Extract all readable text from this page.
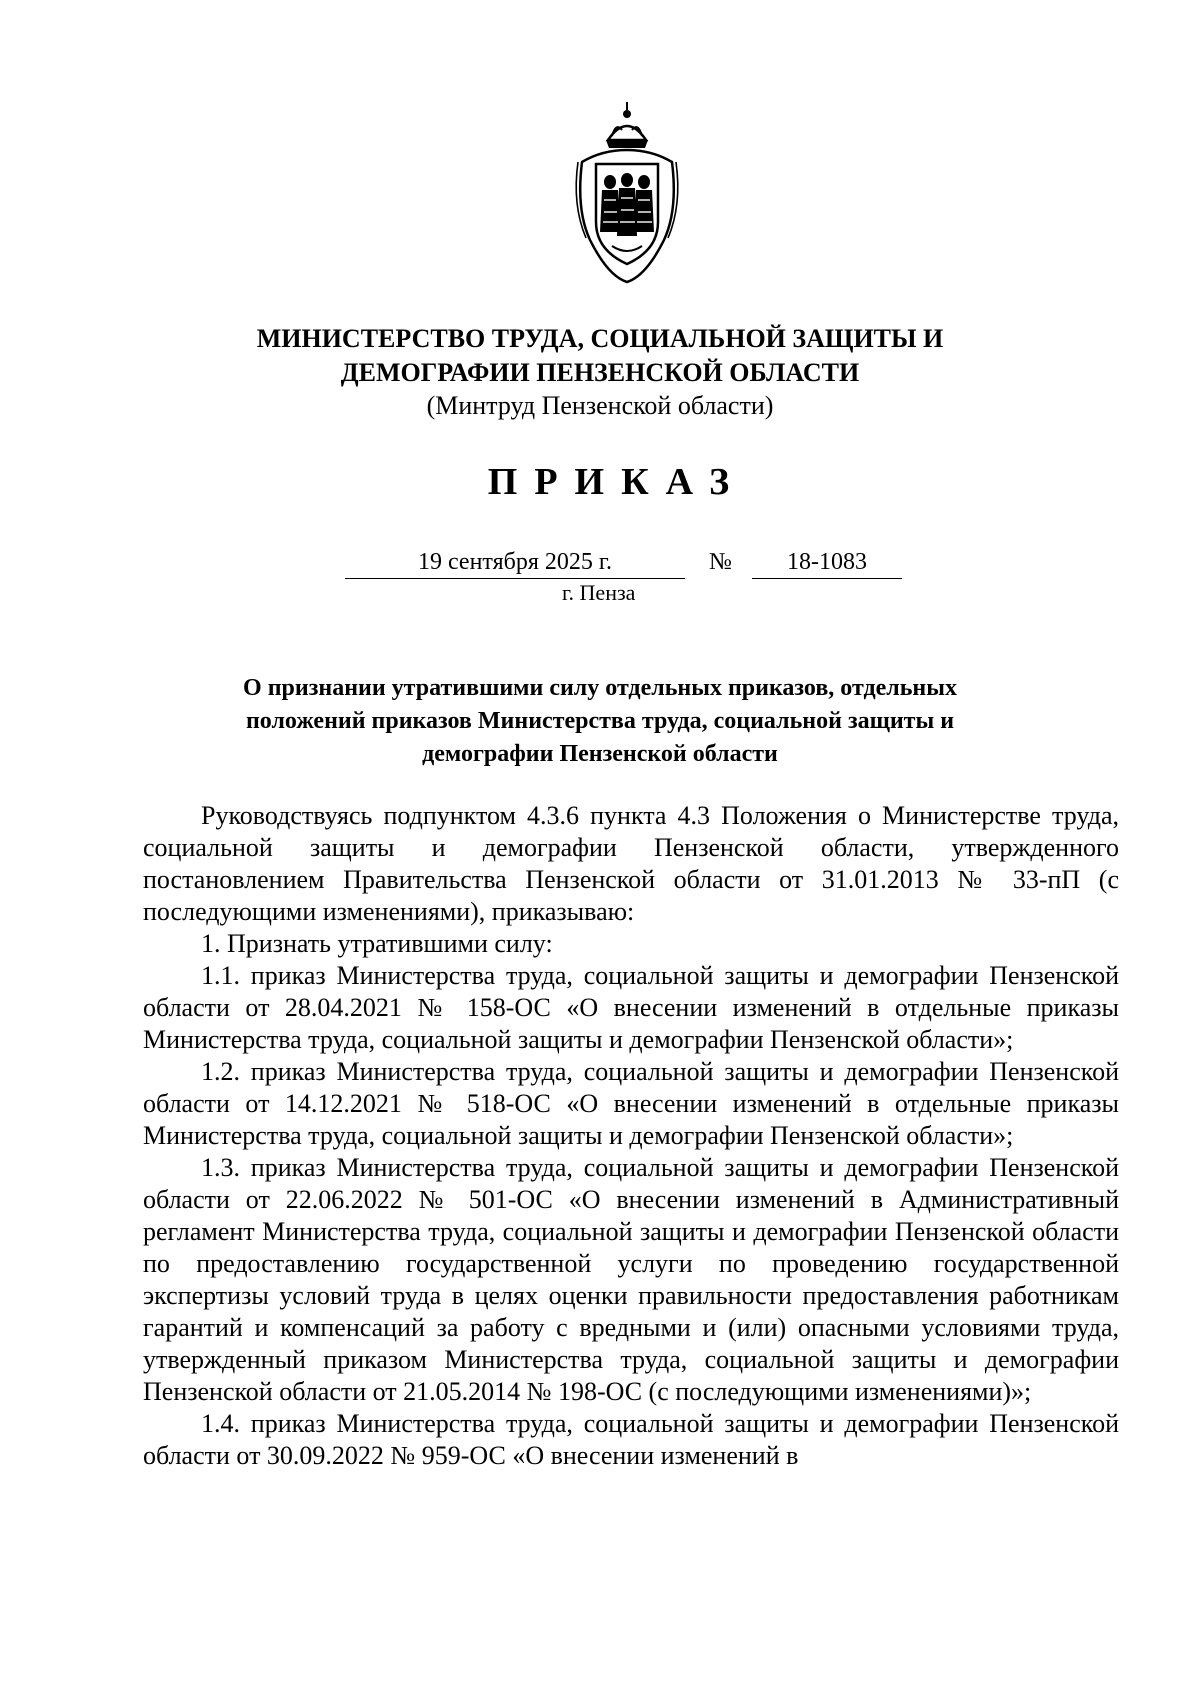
МИНИСТЕРСТВО ТРУДА, СОЦИАЛЬНОЙ ЗАЩИТЫ И
ДЕМОГРАФИИ ПЕНЗЕНСКОЙ ОБЛАСТИ
(Минтруд Пензенской области)
ПРИКАЗ
19 сентября 2025 г.	№	18-1083
г. Пенза
О признании утратившими силу отдельных приказов, отдельных
положений приказов Министерства труда, социальной защиты и
демографии Пензенской области

Руководствуясь подпунктом 4.3.6 пункта 4.3 Положения о Министерстве труда, социальной защиты и демографии Пензенской области, утвержденного постановлением Правительства Пензенской области от 31.01.2013 № 33-пП (с последующими изменениями), приказываю:

1. Признать утратившими силу:

1.1. приказ Министерства труда, социальной защиты и демографии Пензенской области от 28.04.2021 № 158-ОС «О внесении изменений в отдельные приказы Министерства труда, социальной защиты и демографии Пензенской области»;

1.2. приказ Министерства труда, социальной защиты и демографии Пензенской области от 14.12.2021 № 518-ОС «О внесении изменений в отдельные приказы Министерства труда, социальной защиты и демографии Пензенской области»;

1.3. приказ Министерства труда, социальной защиты и демографии Пензенской области от 22.06.2022 № 501-ОС «О внесении изменений в Административный регламент Министерства труда, социальной защиты и демографии Пензенской области по предоставлению государственной услуги по проведению государственной экспертизы условий труда в целях оценки правильности предоставления работникам гарантий и компенсаций за работу с вредными и (или) опасными условиями труда, утвержденный приказом Министерства труда, социальной защиты и демографии Пензенской области от 21.05.2014 № 198-ОС (с последующими изменениями)»;

1.4. приказ Министерства труда, социальной защиты и демографии Пензенской области от 30.09.2022 № 959-ОС «О внесении изменений в
